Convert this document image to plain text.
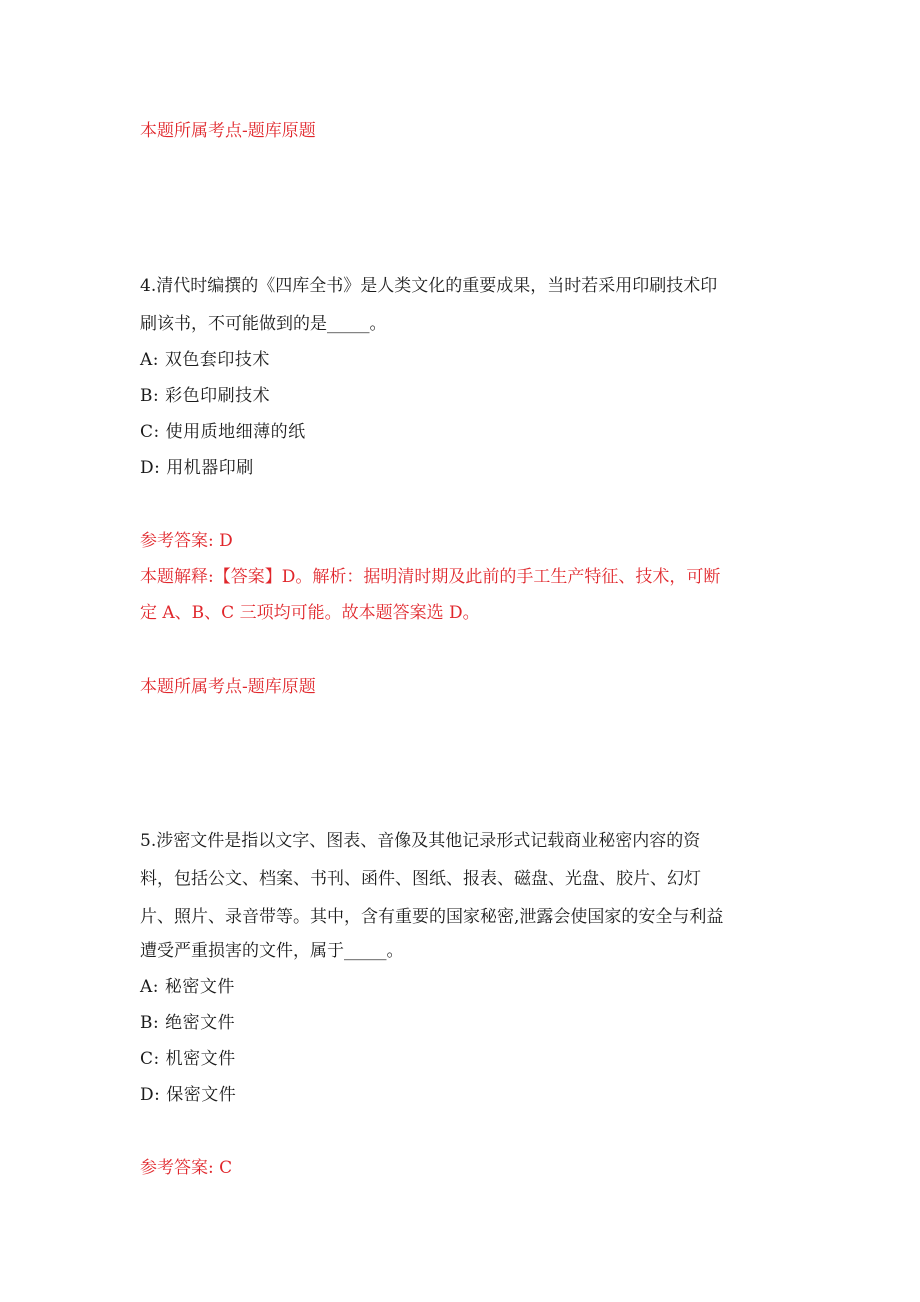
本题所属考点-题库原题
4.清代时编撰的《四库全书》是人类文化的重要成果，当时若采用印刷技术印
刷该书，不可能做到的是_____。
A: 双色套印技术
B: 彩色印刷技术
C: 使用质地细薄的纸
D: 用机器印刷
参考答案: D
本题解释:【答案】D。解析：据明清时期及此前的手工生产特征、技术，可断
定 A、B、C 三项均可能。故本题答案选 D。
本题所属考点-题库原题
5.涉密文件是指以文字、图表、音像及其他记录形式记载商业秘密内容的资
料，包括公文、档案、书刊、函件、图纸、报表、磁盘、光盘、胶片、幻灯
片、照片、录音带等。其中，含有重要的国家秘密,泄露会使国家的安全与利益
遭受严重损害的文件，属于_____。
A: 秘密文件
B: 绝密文件
C: 机密文件
D: 保密文件
参考答案: C
